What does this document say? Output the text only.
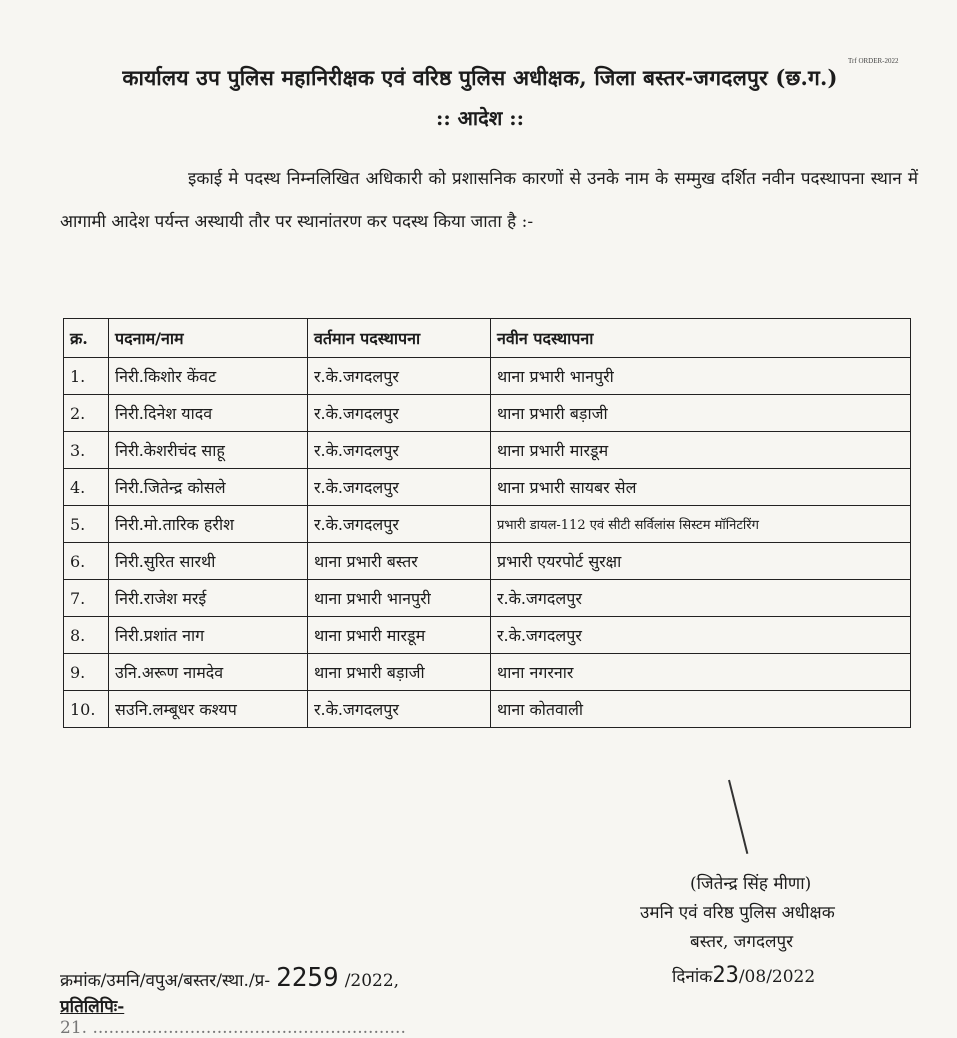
Trf ORDER-2022
कार्यालय उप पुलिस महानिरीक्षक एवं वरिष्ठ पुलिस अधीक्षक, जिला बस्तर-जगदलपुर (छ.ग.)
:: आदेश ::
इकाई मे पदस्थ निम्नलिखित अधिकारी को प्रशासनिक कारणों से उनके नाम के सम्मुख दर्शित नवीन पदस्थापना स्थान में आगामी आदेश पर्यन्त अस्थायी तौर पर स्थानांतरण कर पदस्थ किया जाता है :-
क्र.	पदनाम/नाम	वर्तमान पदस्थापना	नवीन पदस्थापना
1.	निरी.किशोर केंवट	र.के.जगदलपुर	थाना प्रभारी भानपुरी
2.	निरी.दिनेश यादव	र.के.जगदलपुर	थाना प्रभारी बड़ाजी
3.	निरी.केशरीचंद साहू	र.के.जगदलपुर	थाना प्रभारी मारडूम
4.	निरी.जितेन्द्र कोसले	र.के.जगदलपुर	थाना प्रभारी सायबर सेल
5.	निरी.मो.तारिक हरीश	र.के.जगदलपुर	प्रभारी डायल-112 एवं सीटी सर्विलांस सिस्टम मॉनिटरिंग
6.	निरी.सुरित सारथी	थाना प्रभारी बस्तर	प्रभारी एयरपोर्ट सुरक्षा
7.	निरी.राजेश मरई	थाना प्रभारी भानपुरी	र.के.जगदलपुर
8.	निरी.प्रशांत नाग	थाना प्रभारी मारडूम	र.के.जगदलपुर
9.	उनि.अरूण नामदेव	थाना प्रभारी बड़ाजी	थाना नगरनार
10.	सउनि.लम्बूधर कश्यप	र.के.जगदलपुर	थाना कोतवाली
(जितेन्द्र सिंह मीणा)
उमनि एवं वरिष्ठ पुलिस अधीक्षक
बस्तर, जगदलपुर
दिनांक23/08/2022
क्रमांक/उमनि/वपुअ/बस्तर/स्था./प्र- 2259 /2022,
प्रतिलिपिः-
21. ..........................................................
